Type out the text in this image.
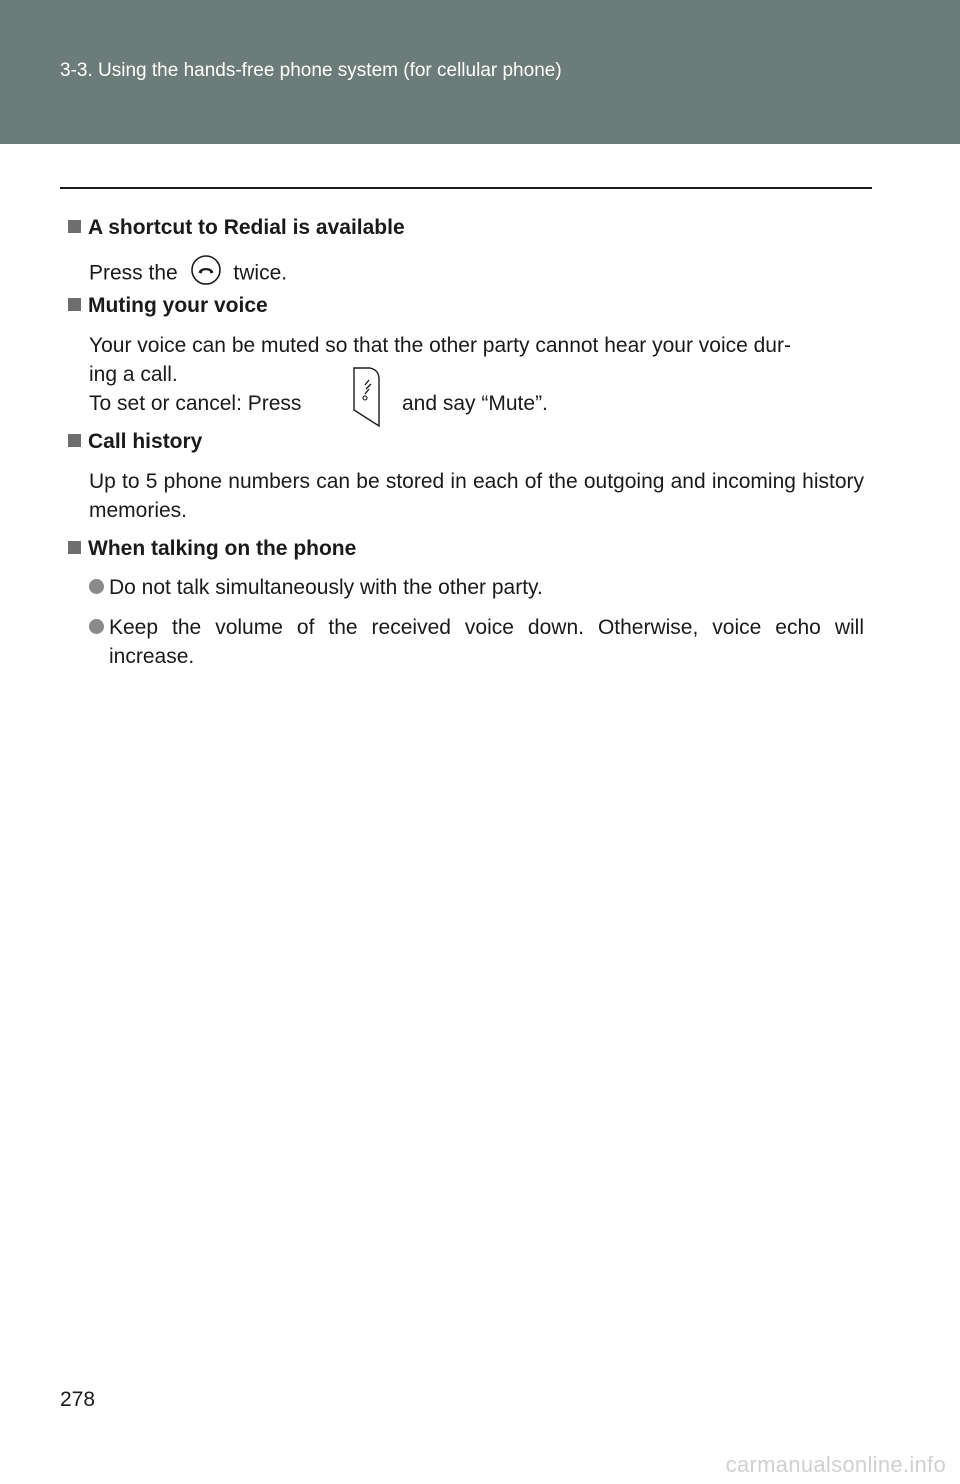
3-3. Using the hands-free phone system (for cellular phone)
A shortcut to Redial is available
Press the	twice.
Muting your voice
Your voice can be muted so that the other party cannot hear your voice dur-
ing a call.
To set or cancel: Press	and say “Mute”.
Call history
Up to 5 phone numbers can be stored in each of the outgoing and incoming history memories.
When talking on the phone
Do not talk simultaneously with the other party.
Keep the volume of the received voice down. Otherwise, voice echo will increase.
278
carmanualsonline.info
